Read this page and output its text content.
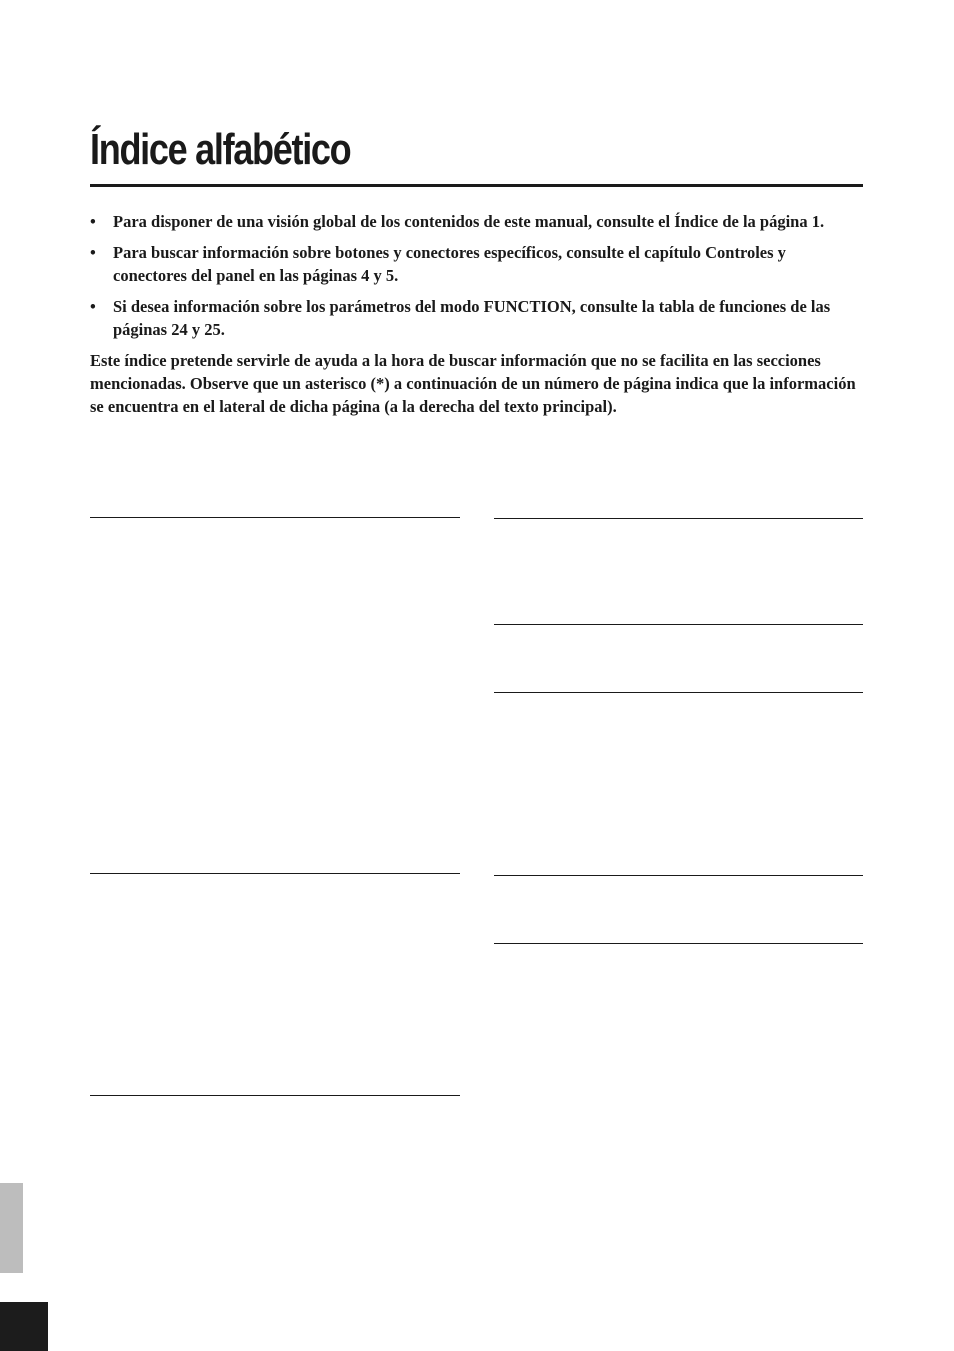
Índice alfabético
• Para disponer de una visión global de los contenidos de este manual, consulte el Índice de la página 1.
• Para buscar información sobre botones y conectores específicos, consulte el capítulo Controles y conectores del panel en las páginas 4 y 5.
• Si desea información sobre los parámetros del modo FUNCTION, consulte la tabla de funciones de las páginas 24 y 25.

Este índice pretende servirle de ayuda a la hora de buscar información que no se facilita en las secciones mencionadas. Observe que un asterisco (*) a continuación de un número de página indica que la información se encuentra en el lateral de dicha página (a la derecha del texto principal).
